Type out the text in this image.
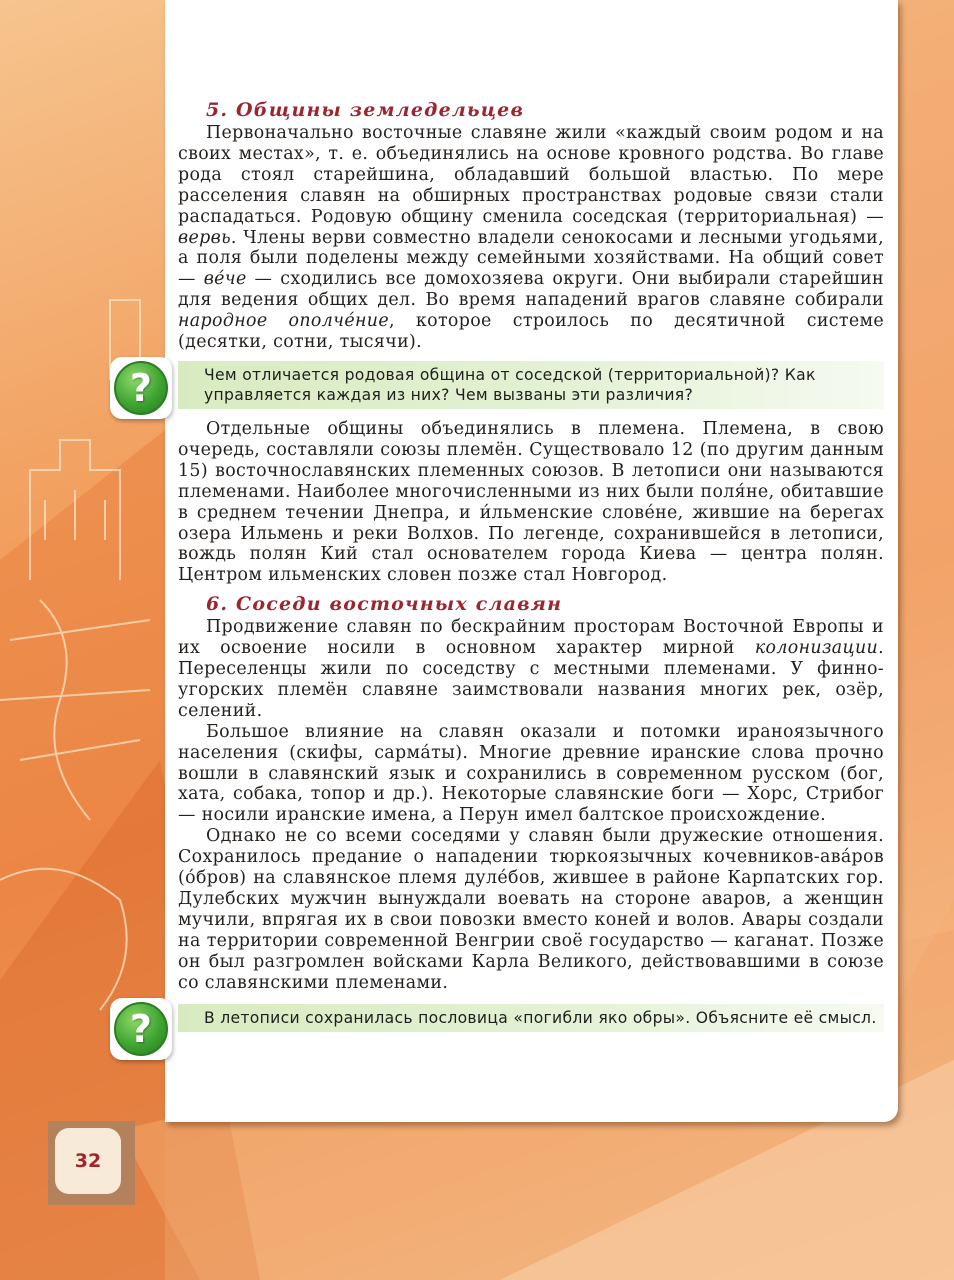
5. Общины земледельцев

Первоначально восточные славяне жили «каждый своим родом и на своих местах», т. е. объединялись на основе кровного родства. Во главе рода стоял старейшина, обладавший большой властью. По мере расселения славян на обширных пространствах родовые связи стали распадаться. Родовую общину сменила соседская (территориальная) — вервь. Члены верви совместно владели сенокосами и лесными угодьями, а поля были поделены между семейными хозяйствами. На общий совет — ве́че — сходились все домохозяева округи. Они выбирали старейшин для ведения общих дел. Во время нападений врагов славяне собирали народное ополче́ние, которое строилось по десятичной системе (десятки, сотни, тысячи).

?	Чем отличается родовая община от соседской (территориальной)? Как управляется каждая из них? Чем вызваны эти различия?

Отдельные общины объединялись в племена. Племена, в свою очередь, составляли союзы племён. Существовало 12 (по другим данным 15) восточнославянских племенных союзов. В летописи они называются племенами. Наиболее многочисленными из них были поля́не, обитавшие в среднем течении Днепра, и и́льменские слове́не, жившие на берегах озера Ильмень и реки Волхов. По легенде, сохранившейся в летописи, вождь полян Кий стал основателем города Киева — центра полян. Центром ильменских словен позже стал Новгород.

6. Соседи восточных славян

Продвижение славян по бескрайним просторам Восточной Европы и их освоение носили в основном характер мирной колонизации. Переселенцы жили по соседству с местными племенами. У финно-угорских племён славяне заимствовали названия многих рек, озёр, селений.

Большое влияние на славян оказали и потомки ираноязычного населения (скифы, сарма́ты). Многие древние иранские слова прочно вошли в славянский язык и сохранились в современном русском (бог, хата, собака, топор и др.). Некоторые славянские боги — Хорс, Стрибог — носили иранские имена, а Перун имел балтское происхождение.

Однако не со всеми соседями у славян были дружеские отношения. Сохранилось предание о нападении тюркоязычных кочевников-ава́ров (о́бров) на славянское племя дуле́бов, жившее в районе Карпатских гор. Дулебских мужчин вынуждали воевать на стороне аваров, а женщин мучили, впрягая их в свои повозки вместо коней и волов. Авары создали на территории современной Венгрии своё государство — каганат. Позже он был разгромлен войсками Карла Великого, действовавшими в союзе со славянскими племенами.

?	В летописи сохранилась пословица «погибли яко обры». Объясните её смысл.
32
